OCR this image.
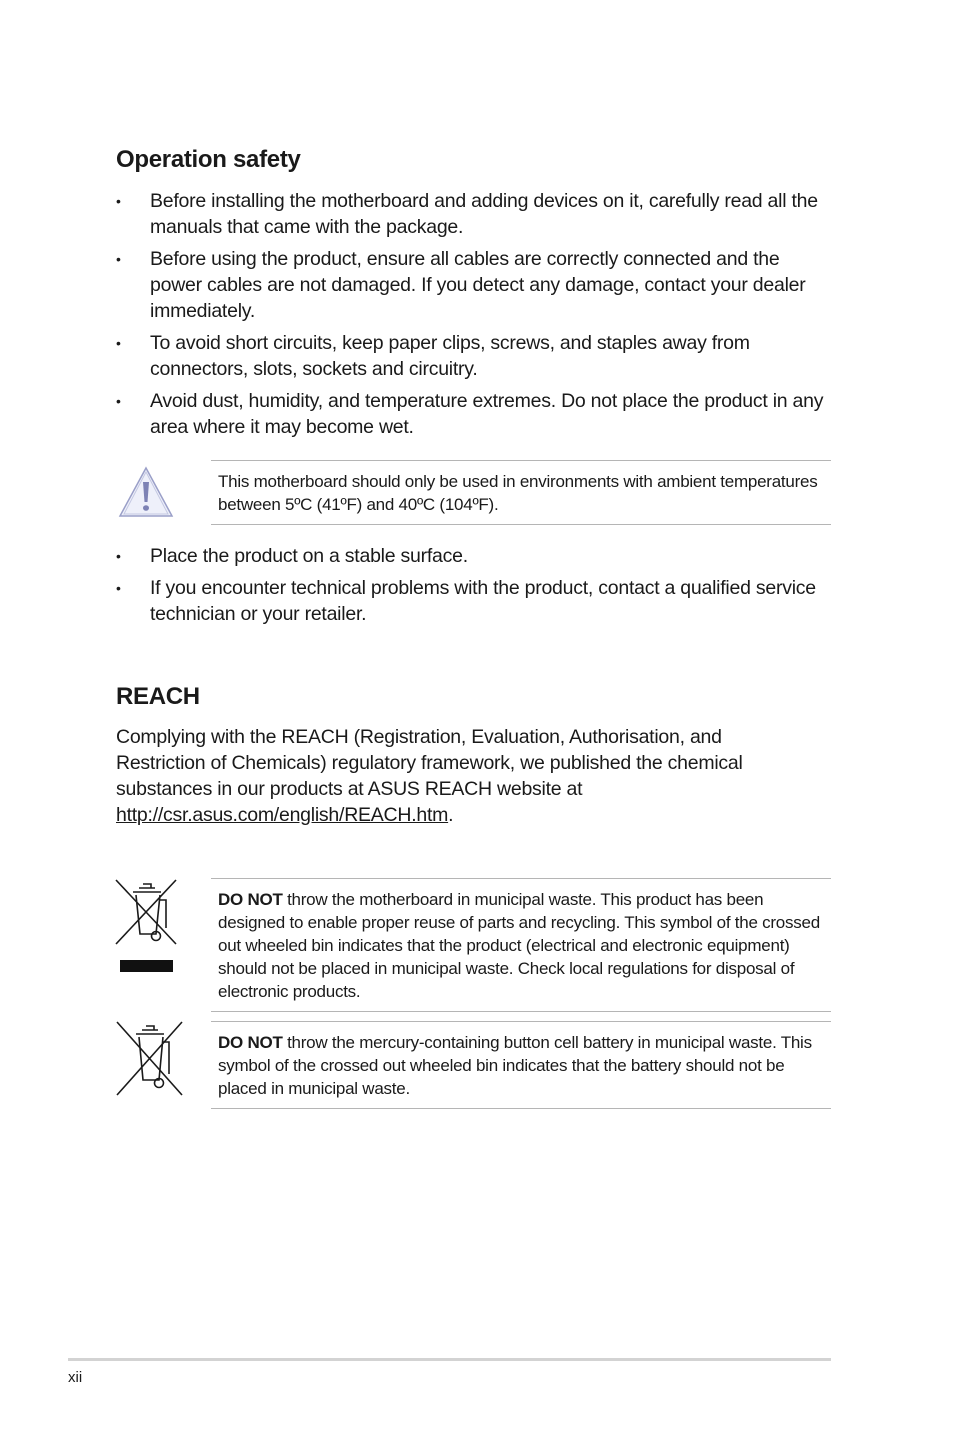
Operation safety
• Before installing the motherboard and adding devices on it, carefully read all the manuals that came with the package.
• Before using the product, ensure all cables are correctly connected and the power cables are not damaged. If you detect any damage, contact your dealer immediately.
• To avoid short circuits, keep paper clips, screws, and staples away from connectors, slots, sockets and circuitry.
• Avoid dust, humidity, and temperature extremes. Do not place the product in any area where it may become wet.

This motherboard should only be used in environments with ambient temperatures between 5ºC (41ºF) and 40ºC (104ºF).

• Place the product on a stable surface.
• If you encounter technical problems with the product, contact a qualified service technician or your retailer.
REACH

Complying with the REACH (Registration, Evaluation, Authorisation, and Restriction of Chemicals) regulatory framework, we published the chemical substances in our products at ASUS REACH website at http://csr.asus.com/english/REACH.htm.

DO NOT throw the motherboard in municipal waste. This product has been designed to enable proper reuse of parts and recycling. This symbol of the crossed out wheeled bin indicates that the product (electrical and electronic equipment) should not be placed in municipal waste. Check local regulations for disposal of electronic products.

DO NOT throw the mercury-containing button cell battery in municipal waste. This symbol of the crossed out wheeled bin indicates that the battery should not be placed in municipal waste.

xii
